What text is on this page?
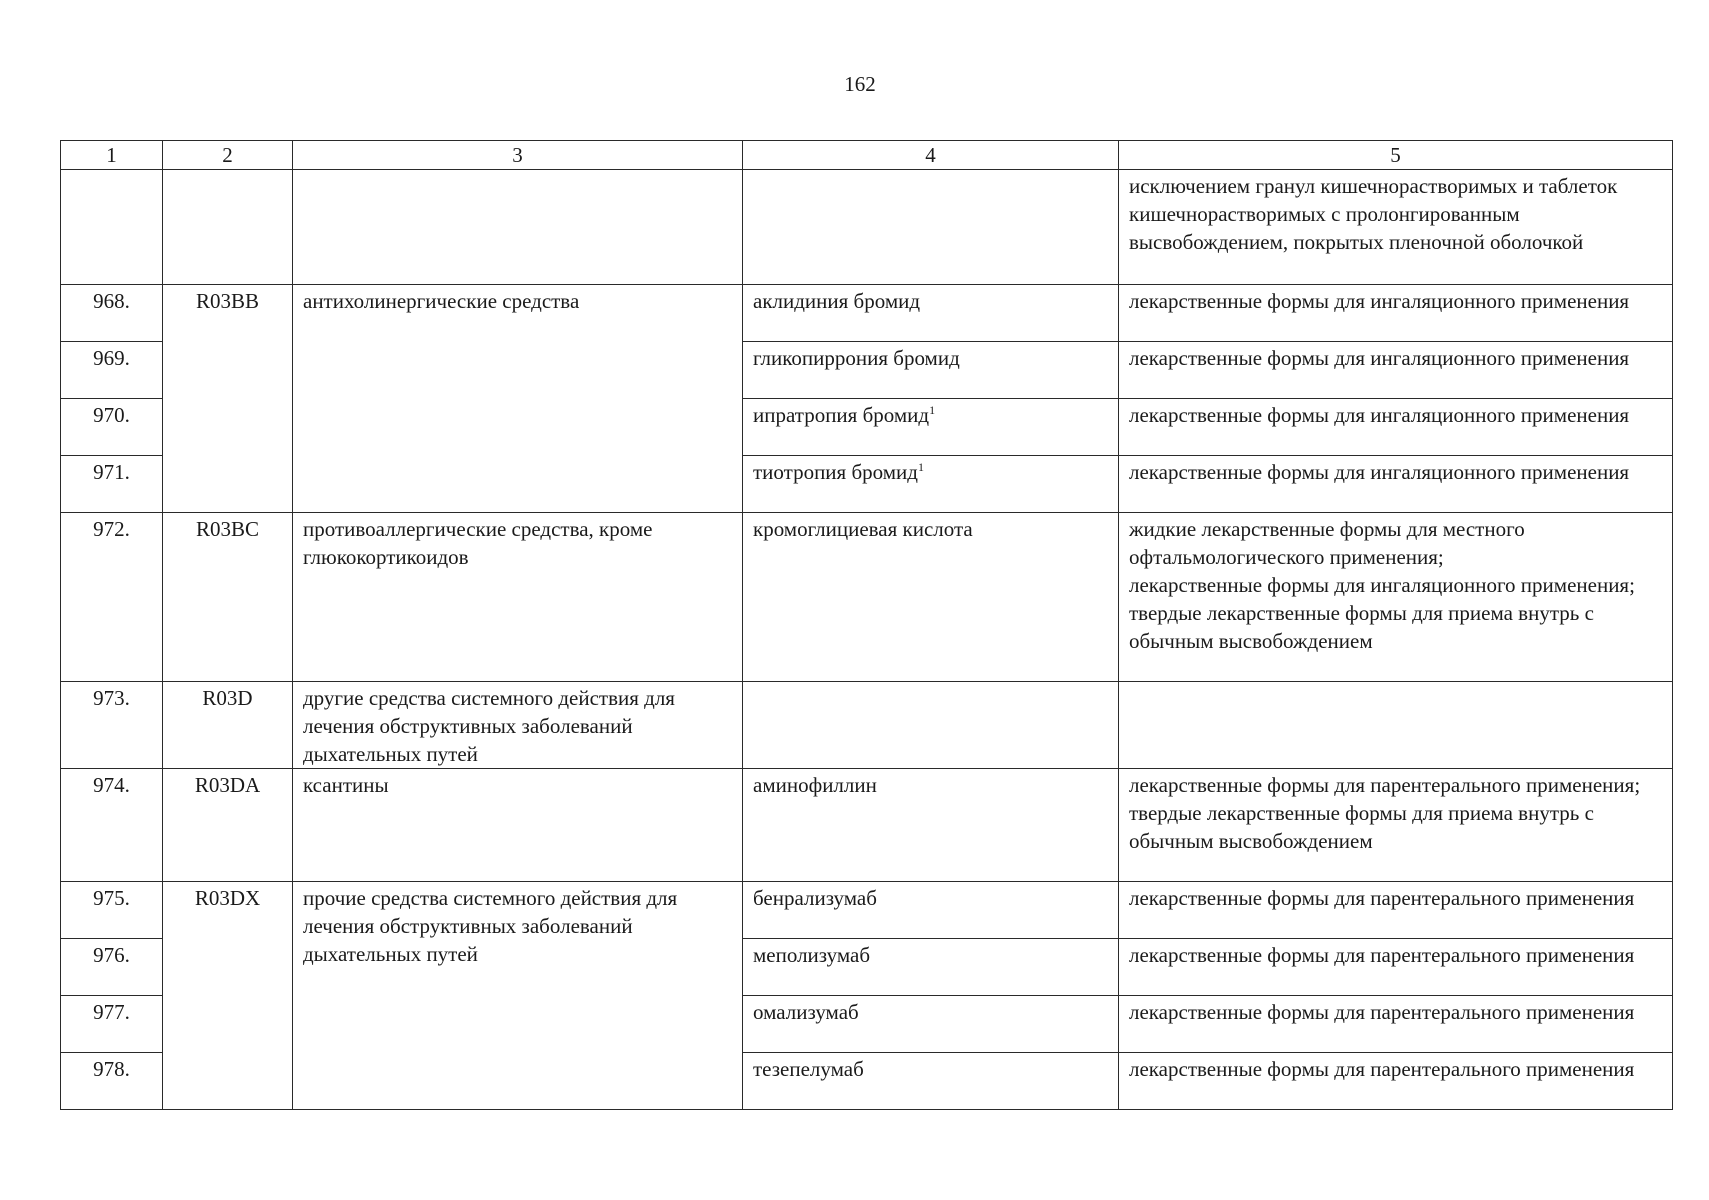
162
1	2	3	4	5
				исключением гранул кишечнорастворимых и таблеток кишечнорастворимых с пролонгированным высвобождением, покрытых пленочной оболочкой
968.	R03BB	антихолинергические средства	аклидиния бромид	лекарственные формы для ингаляционного применения
969.			гликопиррония бромид	лекарственные формы для ингаляционного применения
970.			ипратропия бромид$^1$	лекарственные формы для ингаляционного применения
971.			тиотропия бромид$^1$	лекарственные формы для ингаляционного применения
972.	R03BC	противоаллергические средства, кроме глюкокортикоидов	кромоглициевая кислота	жидкие лекарственные формы для местного офтальмологического применения;
лекарственные формы для ингаляционного применения;
твердые лекарственные формы для приема внутрь с обычным высвобождением
973.	R03D	другие средства системного действия для лечения обструктивных заболеваний дыхательных путей		
974.	R03DA	ксантины	аминофиллин	лекарственные формы для парентерального применения;
твердые лекарственные формы для приема внутрь с обычным высвобождением
975.	R03DX	прочие средства системного действия для лечения обструктивных заболеваний дыхательных путей	бенрализумаб	лекарственные формы для парентерального применения
976.			меполизумаб	лекарственные формы для парентерального применения
977.			омализумаб	лекарственные формы для парентерального применения
978.			тезепелумаб	лекарственные формы для парентерального применения
